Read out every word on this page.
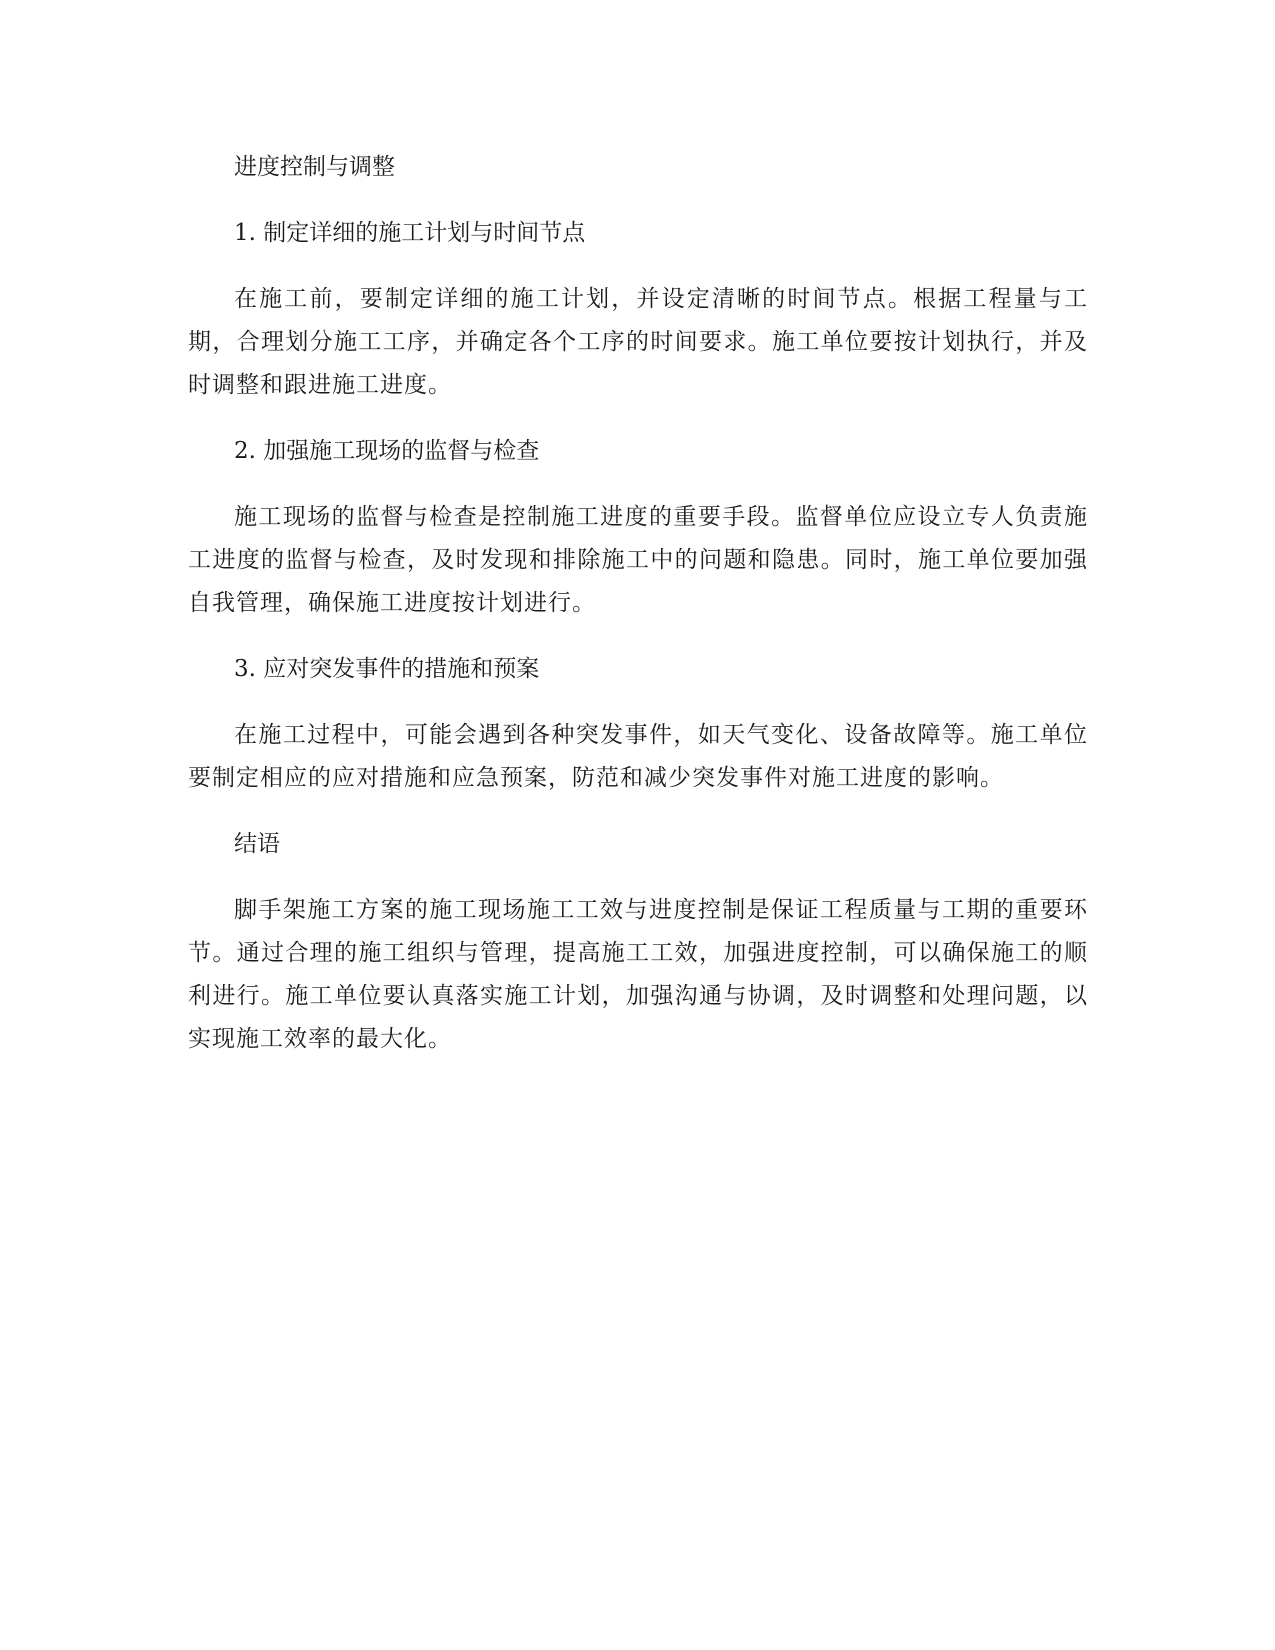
进度控制与调整

1. 制定详细的施工计划与时间节点

在施工前，要制定详细的施工计划，并设定清晰的时间节点。根据工程量与工期，合理划分施工工序，并确定各个工序的时间要求。施工单位要按计划执行，并及时调整和跟进施工进度。

2. 加强施工现场的监督与检查

施工现场的监督与检查是控制施工进度的重要手段。监督单位应设立专人负责施工进度的监督与检查，及时发现和排除施工中的问题和隐患。同时，施工单位要加强自我管理，确保施工进度按计划进行。

3. 应对突发事件的措施和预案

在施工过程中，可能会遇到各种突发事件，如天气变化、设备故障等。施工单位要制定相应的应对措施和应急预案，防范和减少突发事件对施工进度的影响。

结语

脚手架施工方案的施工现场施工工效与进度控制是保证工程质量与工期的重要环节。通过合理的施工组织与管理，提高施工工效，加强进度控制，可以确保施工的顺利进行。施工单位要认真落实施工计划，加强沟通与协调，及时调整和处理问题，以实现施工效率的最大化。
